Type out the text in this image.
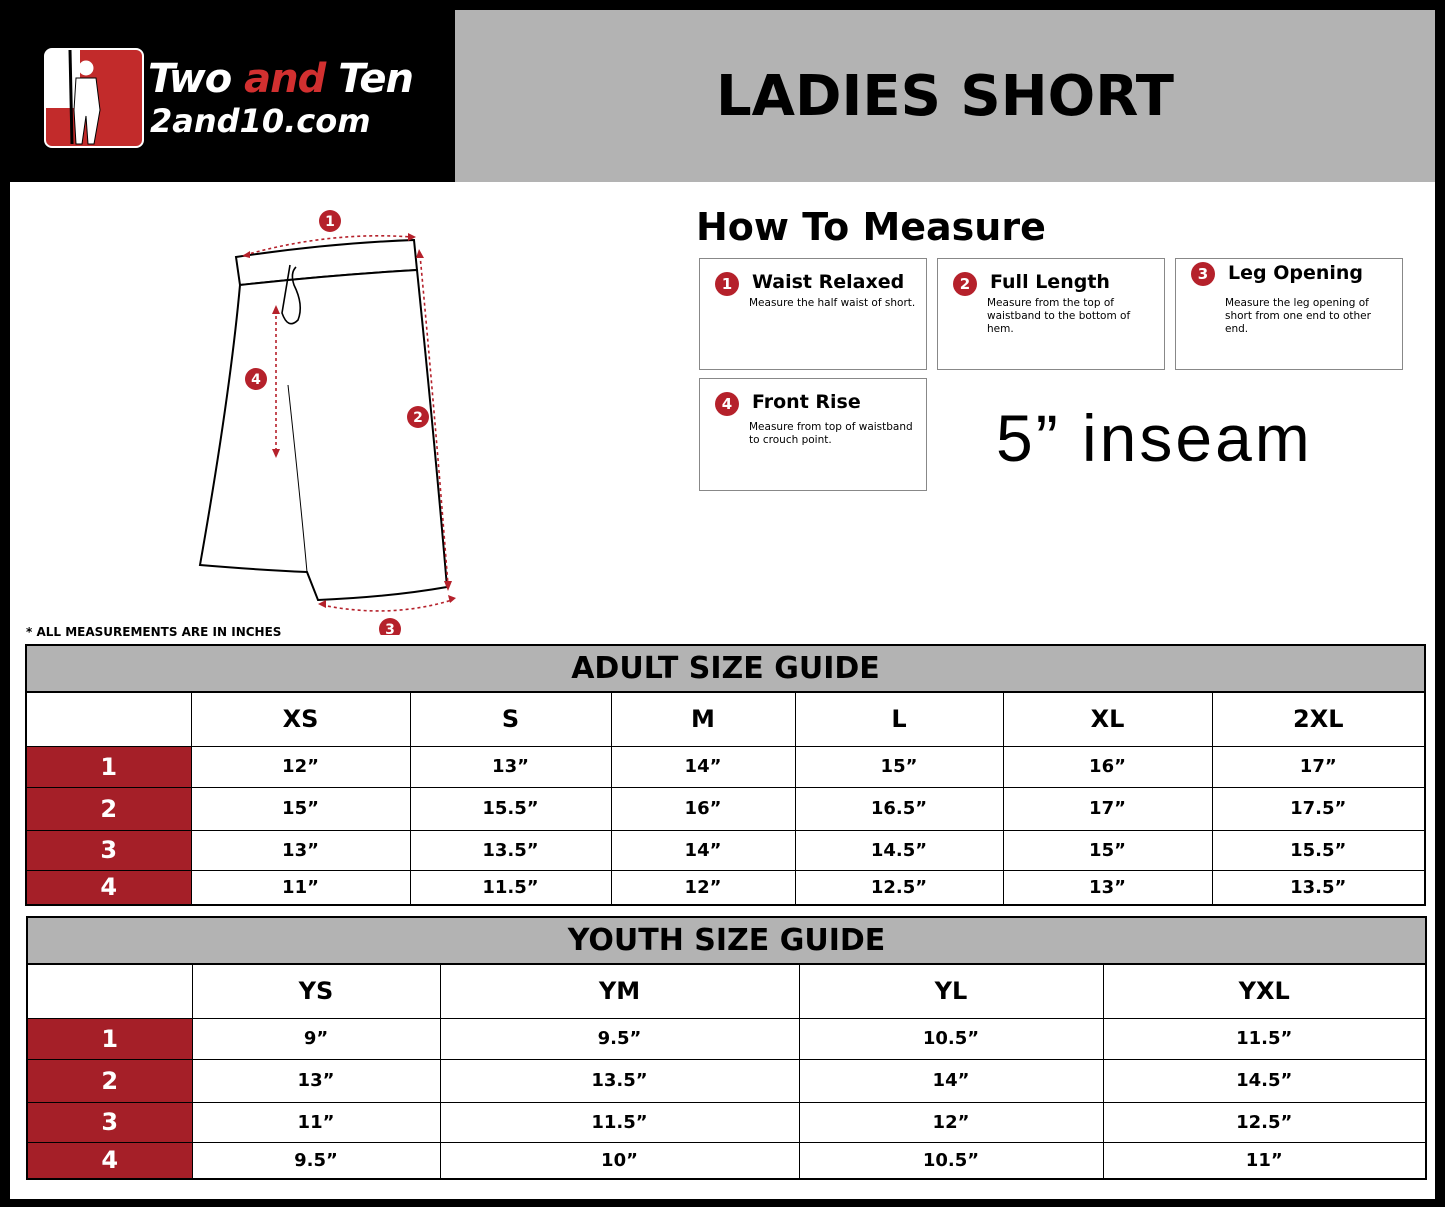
Two and Ten
2and10.com	LADIES SHORT
1
2
3
4
How To Measure
1	Waist Relaxed
Measure the half waist of short.
2	Full Length
Measure from the top of waistband to the bottom of hem.
3	Leg Opening
Measure the leg opening of short from one end to other end.
4	Front Rise
Measure from top of waistband to crouch point.	5” inseam
* ALL MEASUREMENTS ARE IN INCHES
ADULT SIZE GUIDE
	XS	S	M	L	XL	2XL
1	12”	13”	14”	15”	16”	17”
2	15”	15.5”	16”	16.5”	17”	17.5”
3	13”	13.5”	14”	14.5”	15”	15.5”
4	11”	11.5”	12”	12.5”	13”	13.5”
YOUTH SIZE GUIDE
	YS	YM	YL	YXL
1	9”	9.5”	10.5”	11.5”
2	13”	13.5”	14”	14.5”
3	11”	11.5”	12”	12.5”
4	9.5”	10”	10.5”	11”
